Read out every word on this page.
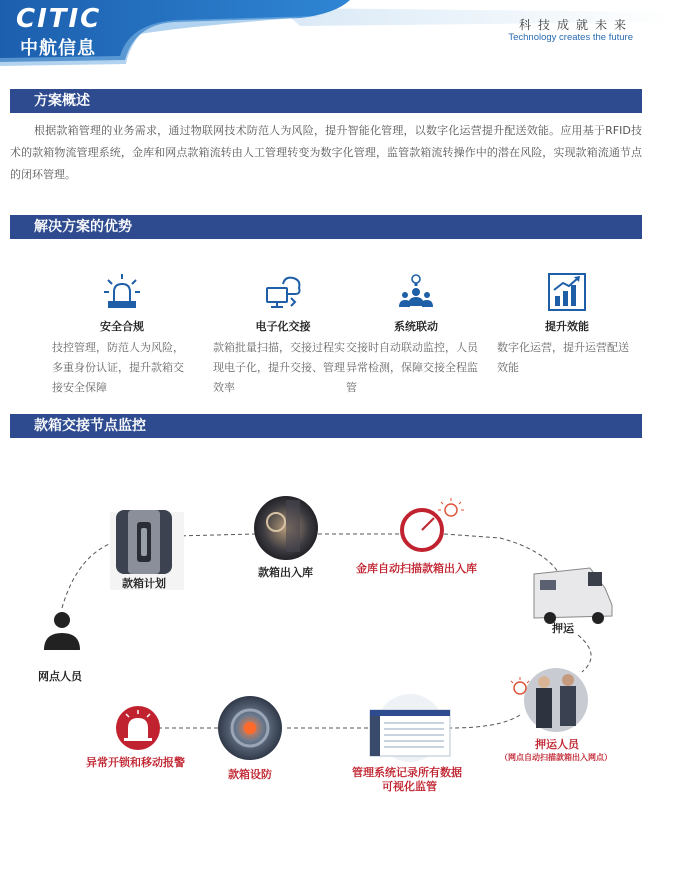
CITIC
中航信息
科技成就未来
Technology creates the future
方案概述
根据款箱管理的业务需求，通过物联网技术防范人为风险，提升智能化管理，以数字化运营提升配送效能。应用基于RFID技术的款箱物流管理系统，金库和网点款箱流转由人工管理转变为数字化管理，监管款箱流转操作中的潜在风险，实现款箱流通节点的闭环管理。
解决方案的优势
安全合规
技控管理，防范人为风险，多重身份认证，提升款箱交接安全保障
电子化交接
款箱批量扫描，交接过程实现电子化，提升交接、管理效率
系统联动
交接时自动联动监控，人员异常检测，保障交接全程监管
提升效能
数字化运营，提升运营配送效能
款箱交接节点监控
款箱计划
款箱出入库	金库自动扫描款箱出入库
押运
网点人员
押运人员
（网点自动扫描款箱出入网点）
异常开锁和移动报警
款箱设防	管理系统记录所有数据
可视化监管
